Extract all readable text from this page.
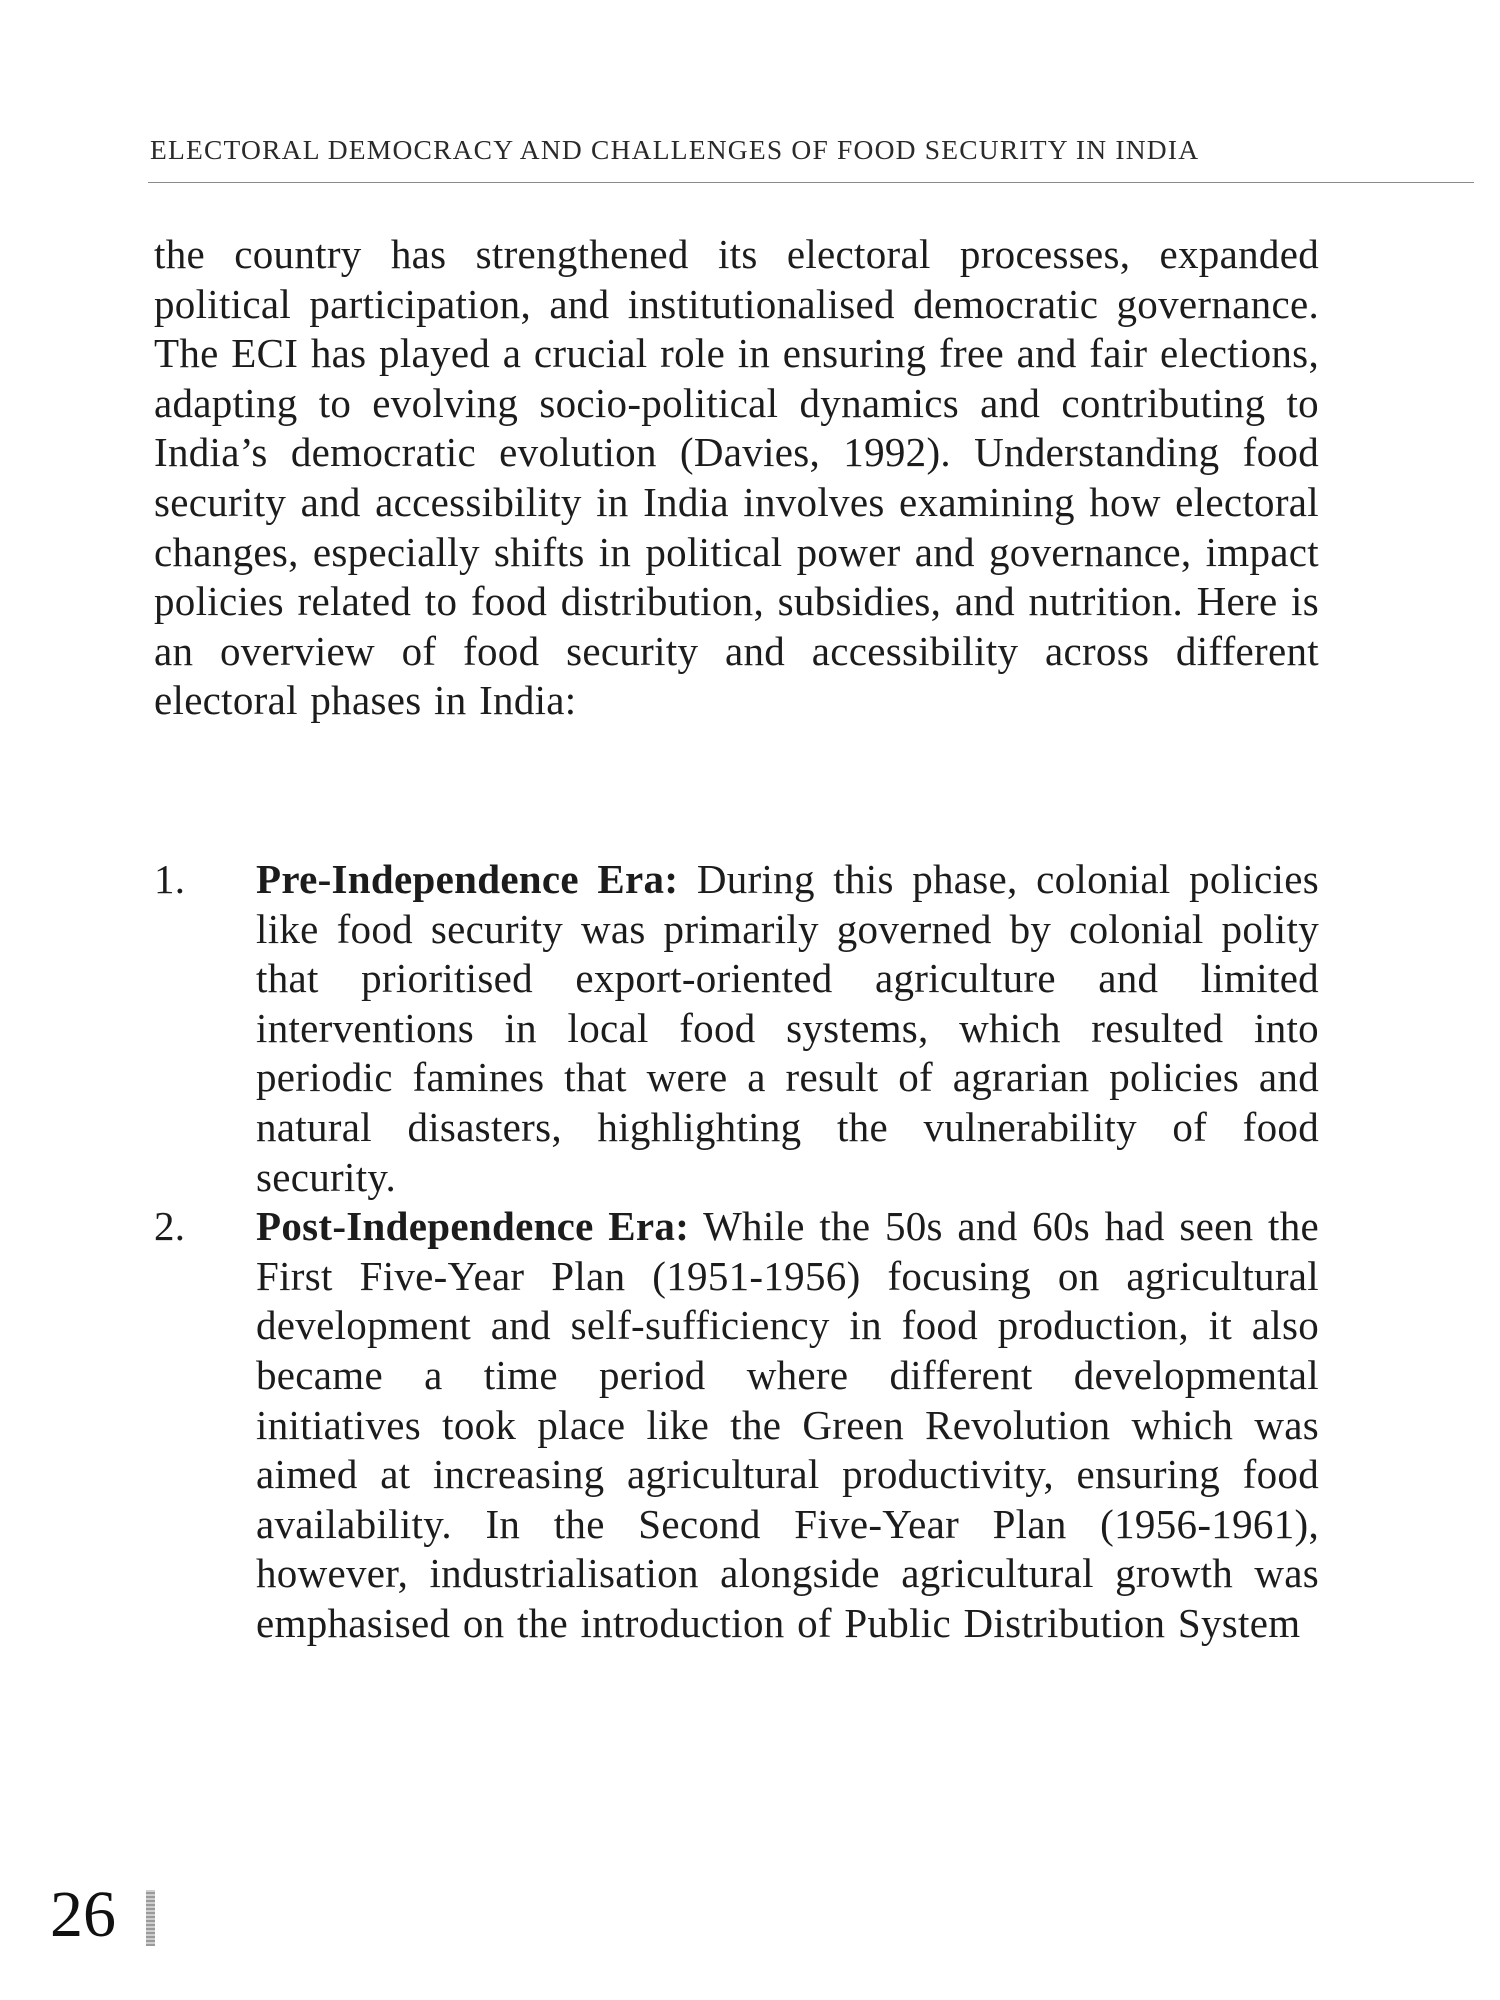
ELECTORAL DEMOCRACY AND CHALLENGES OF FOOD SECURITY IN INDIA

the country has strengthened its electoral processes, expanded political participation, and institutionalised democratic governance. The ECI has played a crucial role in ensuring free and fair elections, adapting to evolving socio-political dynamics and contributing to India’s democratic evolution (Davies, 1992). Understanding food security and accessibility in India involves examining how electoral changes, especially shifts in political power and governance, impact policies related to food distribution, subsidies, and nutrition. Here is an overview of food security and accessibility across different electoral phases in India:

1.	Pre-Independence Era: During this phase, colonial policies like food security was primarily governed by colonial polity that prioritised export-oriented agriculture and limited interventions in local food systems, which resulted into periodic famines that were a result of agrarian policies and natural disasters, highlighting the vulnerability of food security.
2.	Post-Independence Era: While the 50s and 60s had seen the First Five-Year Plan (1951-1956) focusing on agricultural development and self-sufficiency in food production, it also became a time period where different developmental initiatives took place like the Green Revolution which was aimed at increasing agricultural productivity, ensuring food availability. In the Second Five-Year Plan (1956-1961), however, industrialisation alongside agricultural growth was emphasised on the introduction of Public Distribution System
26
